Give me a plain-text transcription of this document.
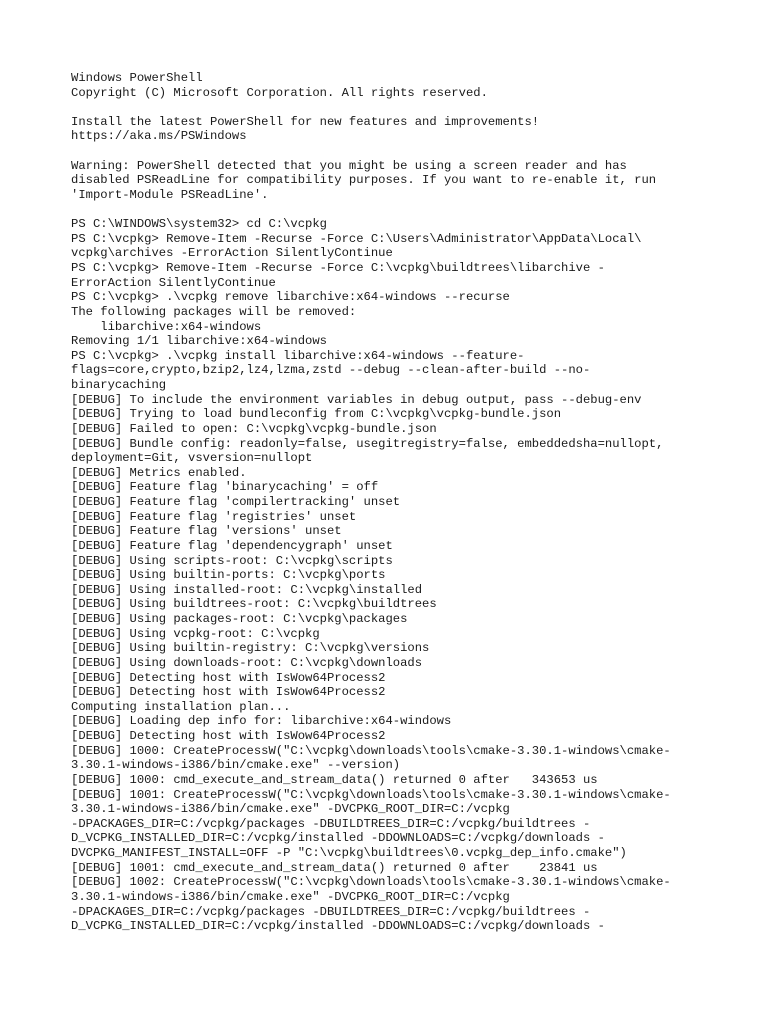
Windows PowerShell
Copyright (C) Microsoft Corporation. All rights reserved.
Install the latest PowerShell for new features and improvements!
https://aka.ms/PSWindows
Warning: PowerShell detected that you might be using a screen reader and has
disabled PSReadLine for compatibility purposes. If you want to re-enable it, run
'Import-Module PSReadLine'.
PS C:\WINDOWS\system32> cd C:\vcpkg
PS C:\vcpkg> Remove-Item -Recurse -Force C:\Users\Administrator\AppData\Local\
vcpkg\archives -ErrorAction SilentlyContinue
PS C:\vcpkg> Remove-Item -Recurse -Force C:\vcpkg\buildtrees\libarchive -
ErrorAction SilentlyContinue
PS C:\vcpkg> .\vcpkg remove libarchive:x64-windows --recurse
The following packages will be removed:
libarchive:x64-windows
Removing 1/1 libarchive:x64-windows
PS C:\vcpkg> .\vcpkg install libarchive:x64-windows --feature-
flags=core,crypto,bzip2,lz4,lzma,zstd --debug --clean-after-build --no-
binarycaching
[DEBUG] To include the environment variables in debug output, pass --debug-env
[DEBUG] Trying to load bundleconfig from C:\vcpkg\vcpkg-bundle.json
[DEBUG] Failed to open: C:\vcpkg\vcpkg-bundle.json
[DEBUG] Bundle config: readonly=false, usegitregistry=false, embeddedsha=nullopt,
deployment=Git, vsversion=nullopt
[DEBUG] Metrics enabled.
[DEBUG] Feature flag 'binarycaching' = off
[DEBUG] Feature flag 'compilertracking' unset
[DEBUG] Feature flag 'registries' unset
[DEBUG] Feature flag 'versions' unset
[DEBUG] Feature flag 'dependencygraph' unset
[DEBUG] Using scripts-root: C:\vcpkg\scripts
[DEBUG] Using builtin-ports: C:\vcpkg\ports
[DEBUG] Using installed-root: C:\vcpkg\installed
[DEBUG] Using buildtrees-root: C:\vcpkg\buildtrees
[DEBUG] Using packages-root: C:\vcpkg\packages
[DEBUG] Using vcpkg-root: C:\vcpkg
[DEBUG] Using builtin-registry: C:\vcpkg\versions
[DEBUG] Using downloads-root: C:\vcpkg\downloads
[DEBUG] Detecting host with IsWow64Process2
[DEBUG] Detecting host with IsWow64Process2
Computing installation plan...
[DEBUG] Loading dep info for: libarchive:x64-windows
[DEBUG] Detecting host with IsWow64Process2
[DEBUG] 1000: CreateProcessW("C:\vcpkg\downloads\tools\cmake-3.30.1-windows\cmake-
3.30.1-windows-i386/bin/cmake.exe" --version)
[DEBUG] 1000: cmd_execute_and_stream_data() returned 0 after   343653 us
[DEBUG] 1001: CreateProcessW("C:\vcpkg\downloads\tools\cmake-3.30.1-windows\cmake-
3.30.1-windows-i386/bin/cmake.exe" -DVCPKG_ROOT_DIR=C:/vcpkg
-DPACKAGES_DIR=C:/vcpkg/packages -DBUILDTREES_DIR=C:/vcpkg/buildtrees -
D_VCPKG_INSTALLED_DIR=C:/vcpkg/installed -DDOWNLOADS=C:/vcpkg/downloads -
DVCPKG_MANIFEST_INSTALL=OFF -P "C:\vcpkg\buildtrees\0.vcpkg_dep_info.cmake")
[DEBUG] 1001: cmd_execute_and_stream_data() returned 0 after    23841 us
[DEBUG] 1002: CreateProcessW("C:\vcpkg\downloads\tools\cmake-3.30.1-windows\cmake-
3.30.1-windows-i386/bin/cmake.exe" -DVCPKG_ROOT_DIR=C:/vcpkg
-DPACKAGES_DIR=C:/vcpkg/packages -DBUILDTREES_DIR=C:/vcpkg/buildtrees -
D_VCPKG_INSTALLED_DIR=C:/vcpkg/installed -DDOWNLOADS=C:/vcpkg/downloads -
